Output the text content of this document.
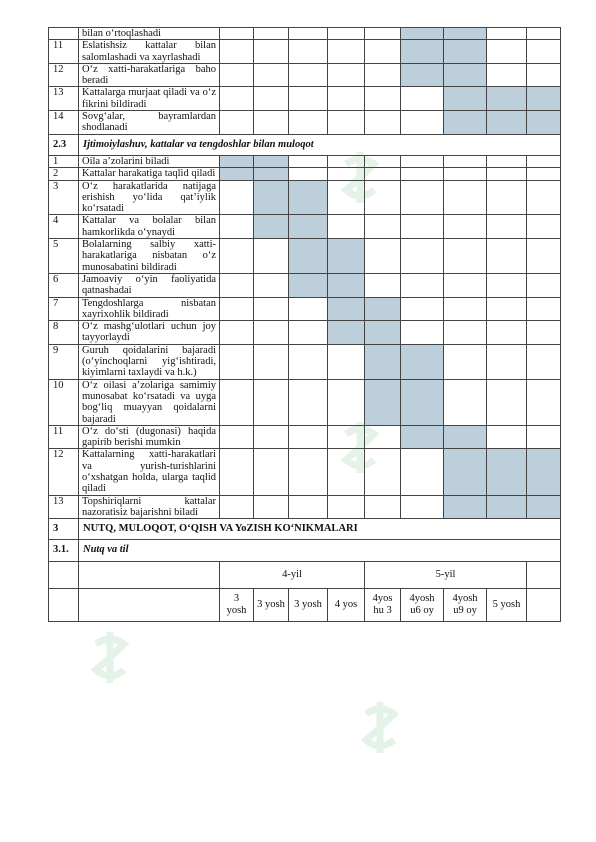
	bilan o‘rtoqlashadi									
11	Eslatishsiz kattalar bilan salomlashadi va xayrlashadi									
12	O‘z xatti-harakatlariga baho beradi									
13	Kattalarga murjaat qiladi va o‘z fikrini bildiradi									
14	Sovg‘alar, bayramlardan shodlanadi									
2.3	Ijtimoiylashuv, kattalar va tengdoshlar bilan muloqot									
1	Oila a’zolarini biladi									
2	Kattalar harakatiga taqlid qiladi									
3	O‘z harakatlarida natijaga erishish yo‘lida qat’iylik ko‘rsatadi									
4	Kattalar va bolalar bilan hamkorlikda o‘ynaydi									
5	Bolalarning salbiy xatti-harakatlariga nisbatan o‘z munosabatini bildiradi									
6	Jamoaviy o‘yin faoliyatida qatnashadai									
7	Tengdoshlarga nisbatan xayrixohlik bildiradi									
8	O‘z mashg‘ulotlari uchun joy tayyorlaydi									
9	Guruh qoidalarini bajaradi (o‘yinchoqlarni yig‘ishtiradi, kiyimlarni taxlaydi va h.k.)									
10	O‘z oilasi a’zolariga samimiy munosabat ko‘rsatadi va uyga bog‘liq muayyan qoidalarni bajaradi									
11	O‘z do‘sti (dugonasi) haqida gapirib berishi mumkin									
12	Kattalarning xatti-harakatlari va yurish-turishlarini o‘xshatgan holda, ularga taqlid qiladi									
13	Topshiriqlarni kattalar nazoratisiz bajarishni biladi									
3	NUTQ, MULOQOT, O‘QISH VA YoZISH KO‘NIKMALARI									
3.1.	Nutq va til									
		4-yil				5-yil				
		3 yosh	3 yosh	3 yosh	4 yos	4yos hu 3	4yosh u6 oy	4yosh u9 oy	5 yosh	
